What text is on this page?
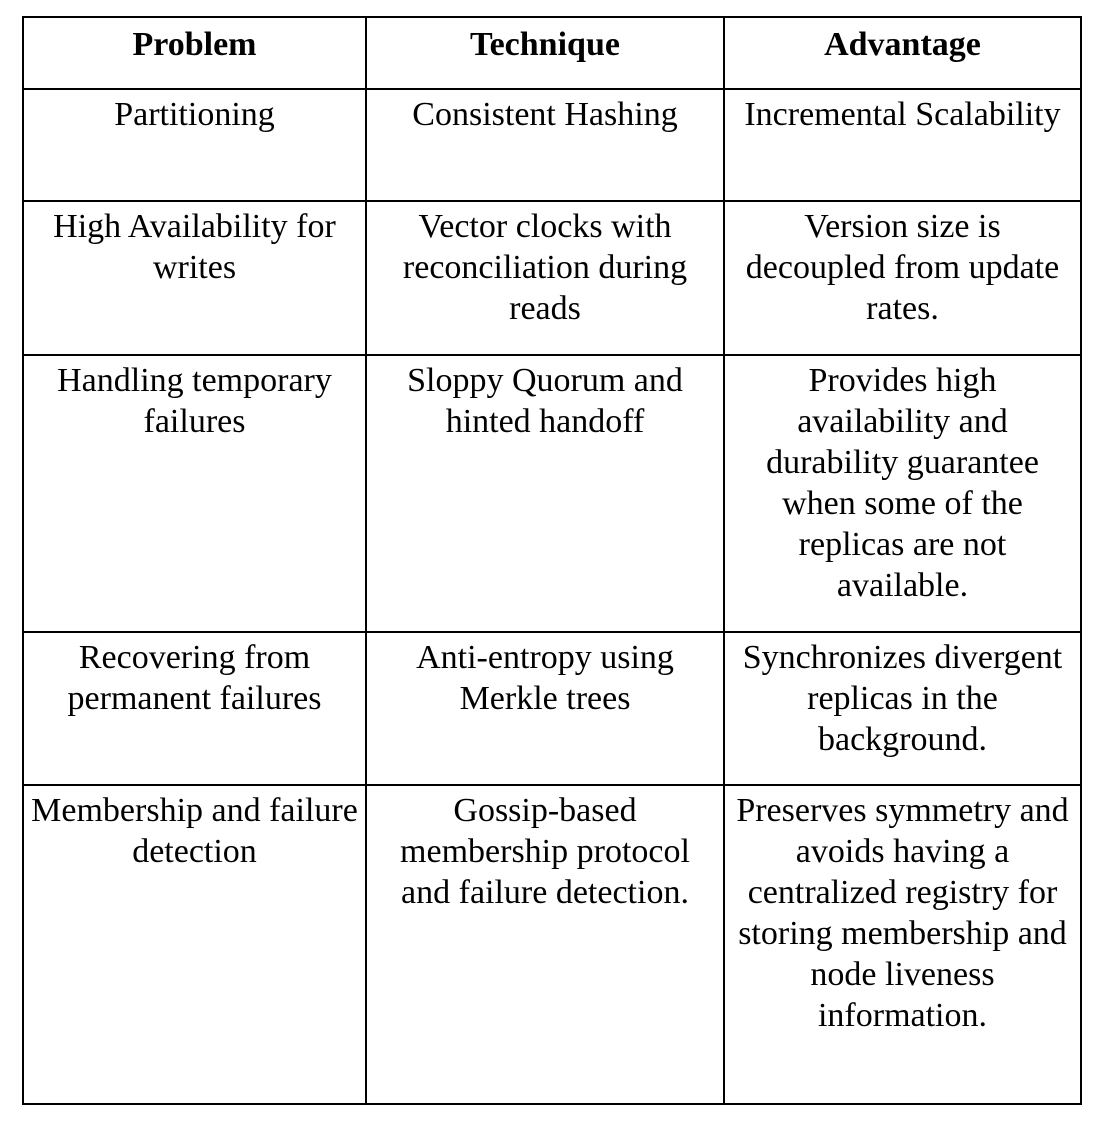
Problem	Technique	Advantage
Partitioning	Consistent Hashing	Incremental Scalability
High Availability for writes	Vector clocks with reconciliation during reads	Version size is decoupled from update rates.
Handling temporary failures	Sloppy Quorum and hinted handoff	Provides high availability and durability guarantee when some of the replicas are not available.
Recovering from permanent failures	Anti-entropy using Merkle trees	Synchronizes divergent replicas in the background.
Membership and failure detection	Gossip-based membership protocol and failure detection.	Preserves symmetry and avoids having a centralized registry for storing membership and node liveness information.
